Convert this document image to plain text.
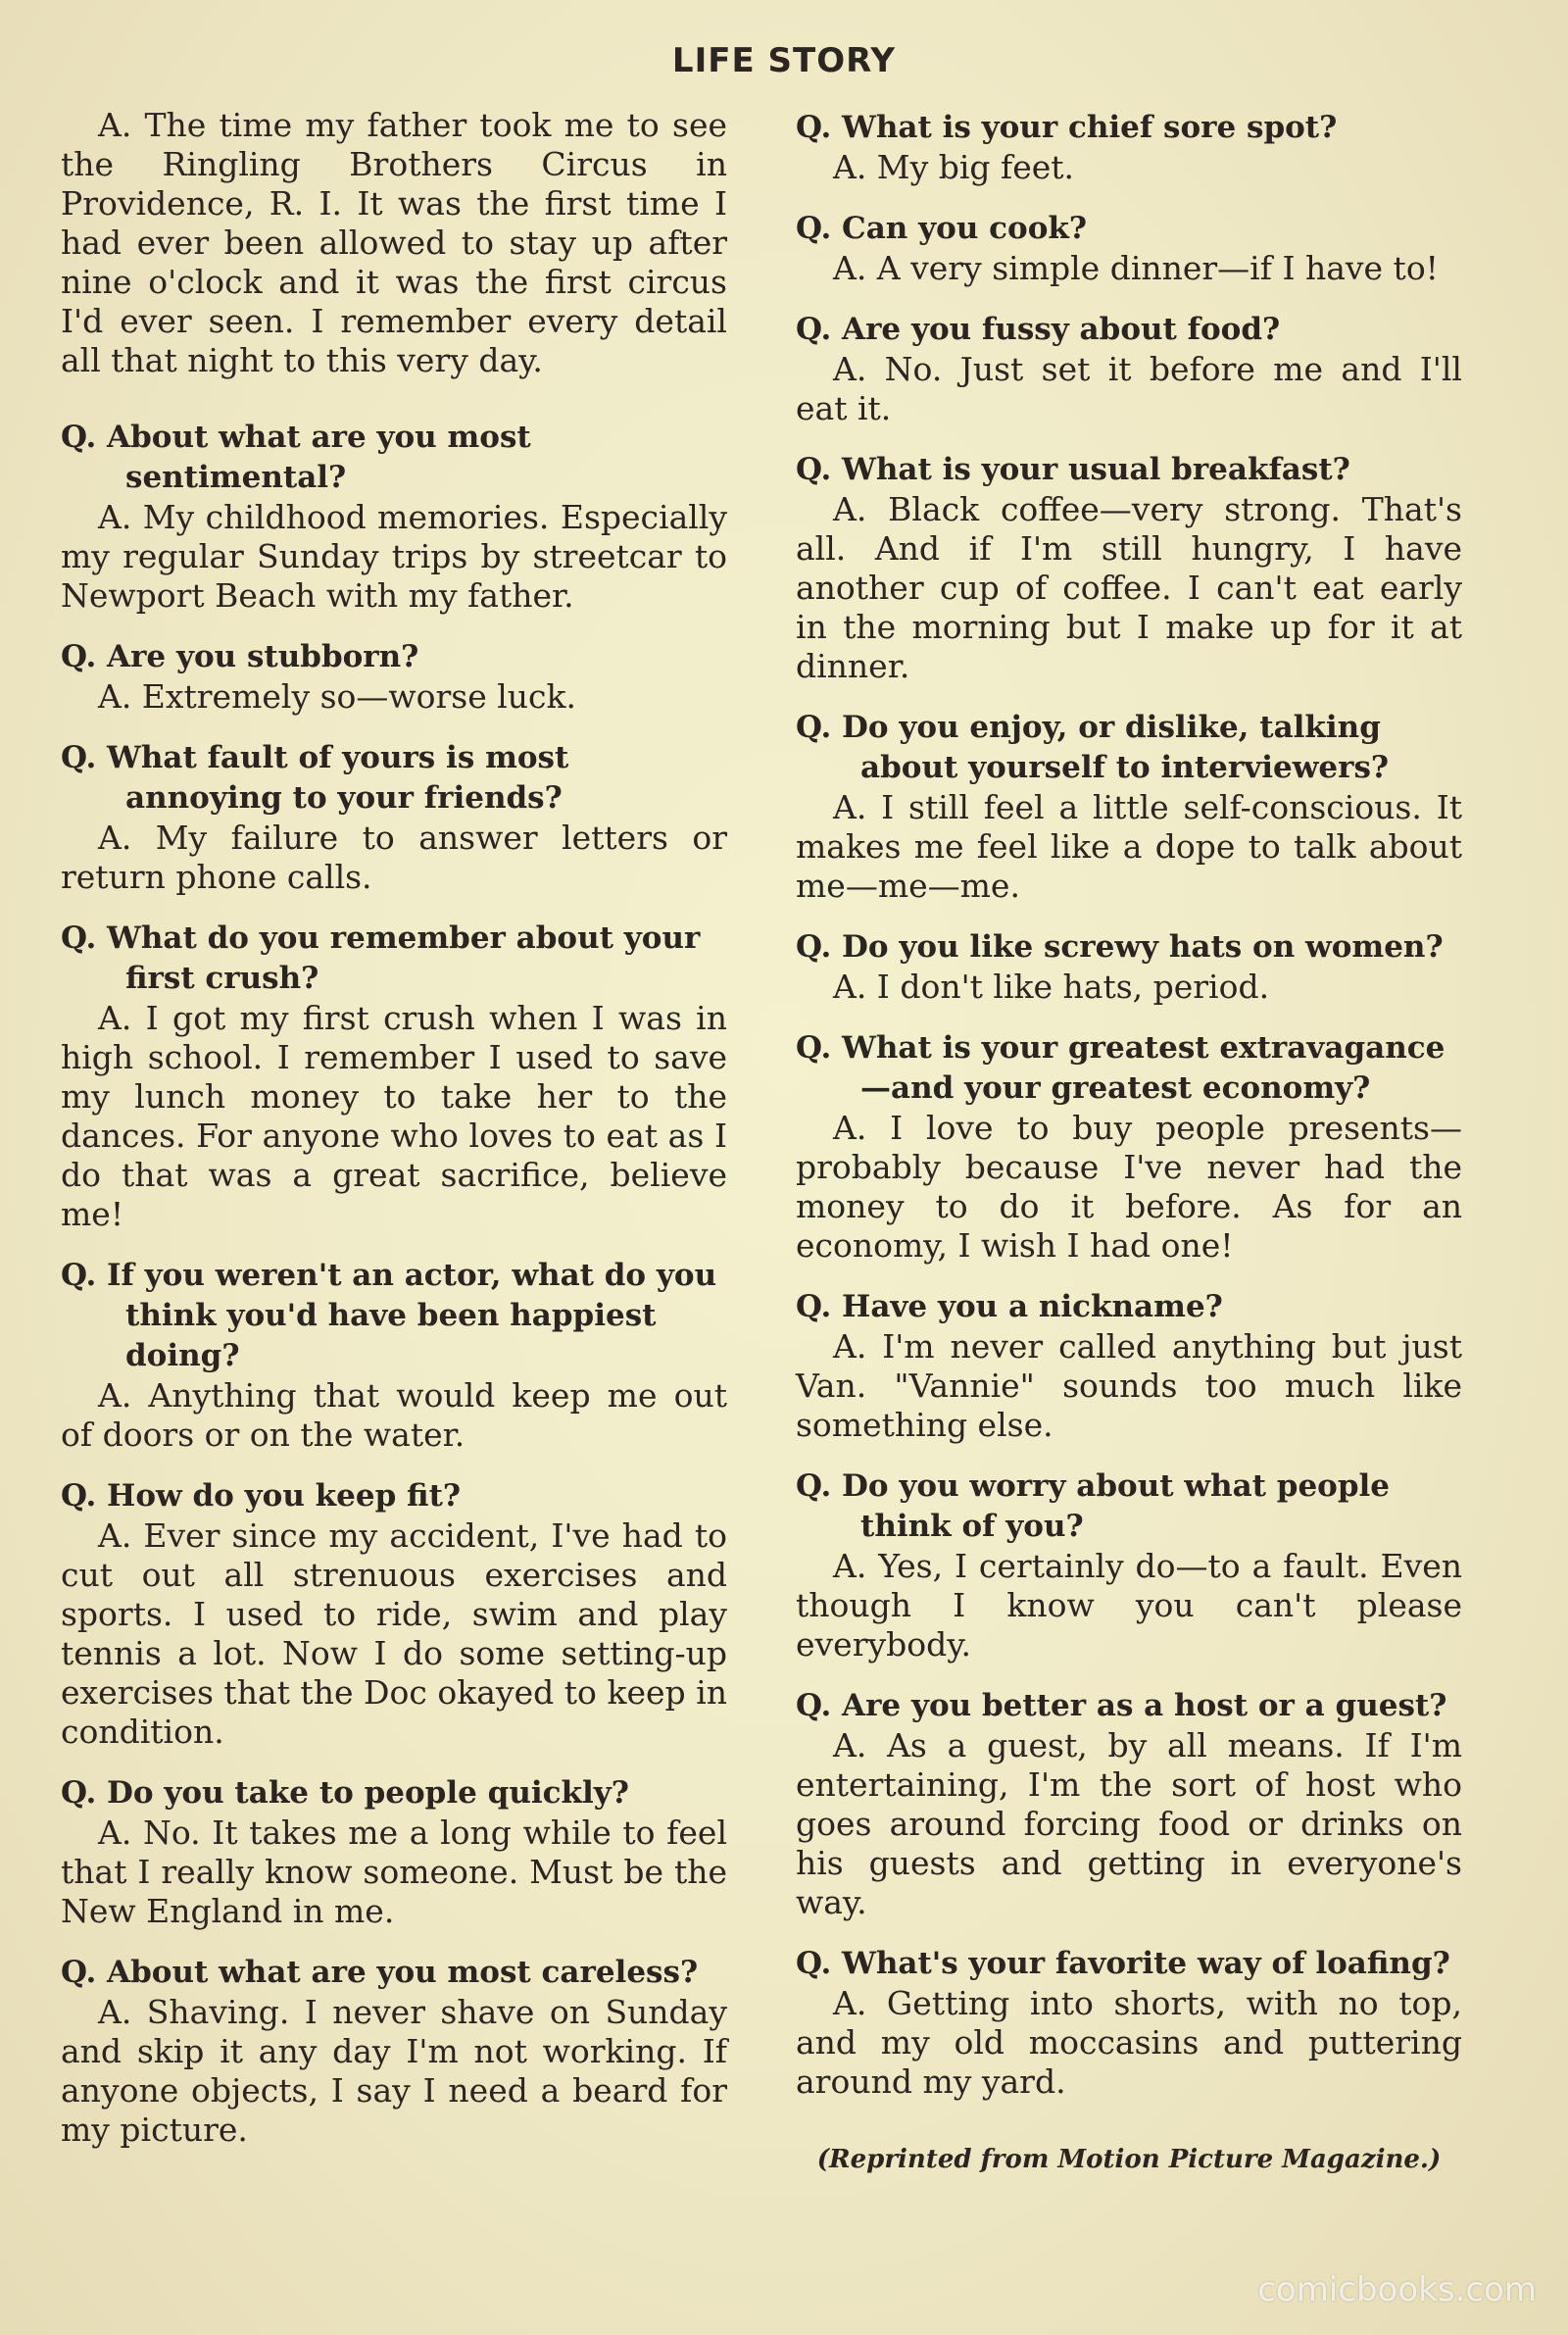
LIFE STORY

A. The time my father took me to see the Ringling Brothers Circus in Providence, R. I. It was the first time I had ever been allowed to stay up after nine o'clock and it was the first circus I'd ever seen. I remember every detail all that night to this very day.

Q. About what are you most sentimental?

A. My childhood memories. Especially my regular Sunday trips by streetcar to Newport Beach with my father.

Q. Are you stubborn?

A. Extremely so—worse luck.

Q. What fault of yours is most annoying to your friends?

A. My failure to answer letters or return phone calls.

Q. What do you remember about your first crush?

A. I got my first crush when I was in high school. I remember I used to save my lunch money to take her to the dances. For anyone who loves to eat as I do that was a great sacrifice, believe me!

Q. If you weren't an actor, what do you think you'd have been happiest doing?

A. Anything that would keep me out of doors or on the water.

Q. How do you keep fit?

A. Ever since my accident, I've had to cut out all strenuous exercises and sports. I used to ride, swim and play tennis a lot. Now I do some setting-up exercises that the Doc okayed to keep in condition.

Q. Do you take to people quickly?

A. No. It takes me a long while to feel that I really know someone. Must be the New England in me.

Q. About what are you most careless?

A. Shaving. I never shave on Sunday and skip it any day I'm not working. If anyone objects, I say I need a beard for my picture.

Q. What is your chief sore spot?

A. My big feet.

Q. Can you cook?

A. A very simple dinner—if I have to!

Q. Are you fussy about food?

A. No. Just set it before me and I'll eat it.

Q. What is your usual breakfast?

A. Black coffee—very strong. That's all. And if I'm still hungry, I have another cup of coffee. I can't eat early in the morning but I make up for it at dinner.

Q. Do you enjoy, or dislike, talking about yourself to interviewers?

A. I still feel a little self-conscious. It makes me feel like a dope to talk about me—me—me.

Q. Do you like screwy hats on women?

A. I don't like hats, period.

Q. What is your greatest extravagance—and your greatest economy?

A. I love to buy people presents—probably because I've never had the money to do it before. As for an economy, I wish I had one!

Q. Have you a nickname?

A. I'm never called anything but just Van. "Vannie" sounds too much like something else.

Q. Do you worry about what people think of you?

A. Yes, I certainly do—to a fault. Even though I know you can't please everybody.

Q. Are you better as a host or a guest?

A. As a guest, by all means. If I'm entertaining, I'm the sort of host who goes around forcing food or drinks on his guests and getting in everyone's way.

Q. What's your favorite way of loafing?

A. Getting into shorts, with no top, and my old moccasins and puttering around my yard.

(Reprinted from Motion Picture Magazine.)
comicbooks.com
